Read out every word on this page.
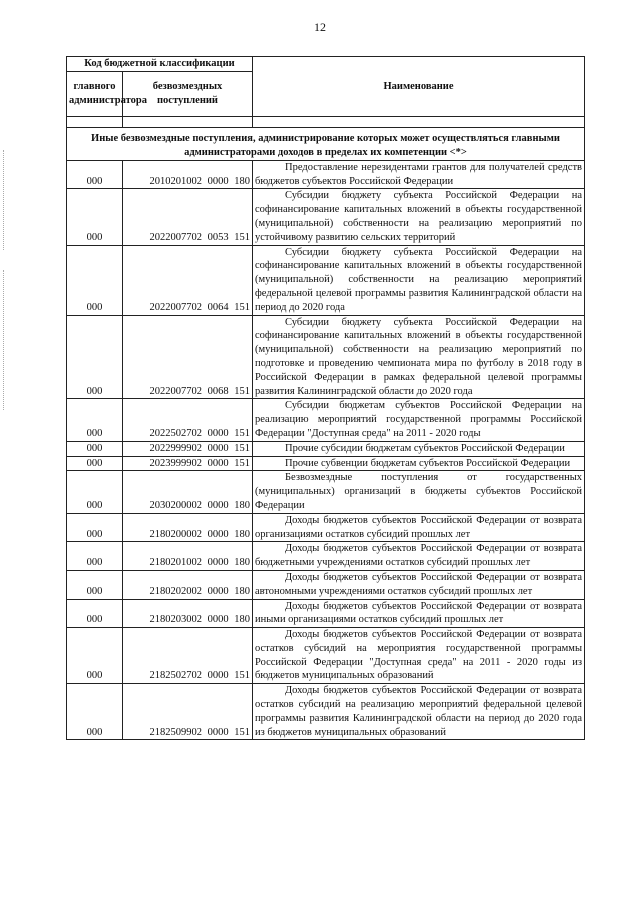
12
Код бюджетной классификации		Наименование
главного администратора	безвозмездных поступлений	

Иные безвозмездные поступления, администрирование которых может осуществляться главными администраторами доходов в пределах их компетенции <*>		
000	2010201002 0000 180	Предоставление нерезидентами грантов для получателей средств бюджетов субъектов Российской Федерации
000	2022007702 0053 151	Субсидии бюджету субъекта Российской Федерации на софинансирование капитальных вложений в объекты государственной (муниципальной) собственности на реализацию мероприятий по устойчивому развитию сельских территорий
000	2022007702 0064 151	Субсидии бюджету субъекта Российской Федерации на софинансирование капитальных вложений в объекты государственной (муниципальной) собственности на реализацию мероприятий федеральной целевой программы развития Калининградской области на период до 2020 года
000	2022007702 0068 151	Субсидии бюджету субъекта Российской Федерации на софинансирование капитальных вложений в объекты государственной (муниципальной) собственности на реализацию мероприятий по подготовке и проведению чемпионата мира по футболу в 2018 году в Российской Федерации в рамках федеральной целевой программы развития Калининградской области до 2020 года
000	2022502702 0000 151	Субсидии бюджетам субъектов Российской Федерации на реализацию мероприятий государственной программы Российской Федерации "Доступная среда" на 2011 - 2020 годы
000	2022999902 0000 151	Прочие субсидии бюджетам субъектов Российской Федерации
000	2023999902 0000 151	Прочие субвенции бюджетам субъектов Российской Федерации
000	2030200002 0000 180	Безвозмездные поступления от государственных (муниципальных) организаций в бюджеты субъектов Российской Федерации
000	2180200002 0000 180	Доходы бюджетов субъектов Российской Федерации от возврата организациями остатков субсидий прошлых лет
000	2180201002 0000 180	Доходы бюджетов субъектов Российской Федерации от возврата бюджетными учреждениями остатков субсидий прошлых лет
000	2180202002 0000 180	Доходы бюджетов субъектов Российской Федерации от возврата автономными учреждениями остатков субсидий прошлых лет
000	2180203002 0000 180	Доходы бюджетов субъектов Российской Федерации от возврата иными организациями остатков субсидий прошлых лет
000	2182502702 0000 151	Доходы бюджетов субъектов Российской Федерации от возврата остатков субсидий на мероприятия государственной программы Российской Федерации "Доступная среда" на 2011 - 2020 годы из бюджетов муниципальных образований
000	2182509902 0000 151	Доходы бюджетов субъектов Российской Федерации от возврата остатков субсидий на реализацию мероприятий федеральной целевой программы развития Калининградской области на период до 2020 года из бюджетов муниципальных образований
